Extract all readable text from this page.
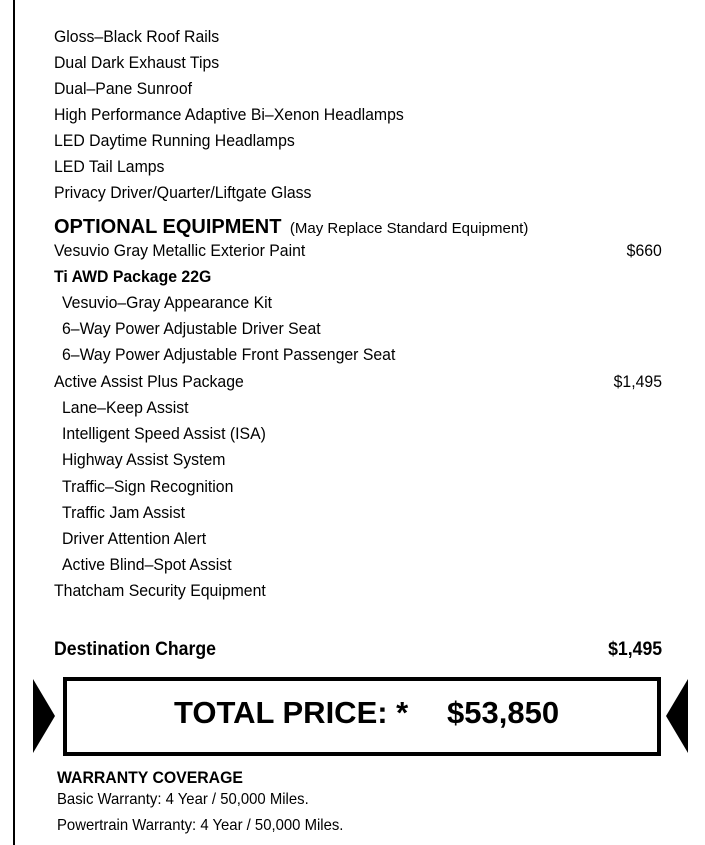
Gloss–Black Roof Rails
Dual Dark Exhaust Tips
Dual–Pane Sunroof
High Performance Adaptive Bi–Xenon Headlamps
LED Daytime Running Headlamps
LED Tail Lamps
Privacy Driver/Quarter/Liftgate Glass
OPTIONAL EQUIPMENT (May Replace Standard Equipment)
Vesuvio Gray Metallic Exterior Paint	$660
Ti AWD Package 22G
Vesuvio–Gray Appearance Kit
6–Way Power Adjustable Driver Seat
6–Way Power Adjustable Front Passenger Seat
Active Assist Plus Package	$1,495
Lane–Keep Assist
Intelligent Speed Assist (ISA)
Highway Assist System
Traffic–Sign Recognition
Traffic Jam Assist
Driver Attention Alert
Active Blind–Spot Assist
Thatcham Security Equipment
Destination Charge	$1,495
TOTAL PRICE: * $53,850
WARRANTY COVERAGE
Basic Warranty: 4 Year / 50,000 Miles.
Powertrain Warranty: 4 Year / 50,000 Miles.
